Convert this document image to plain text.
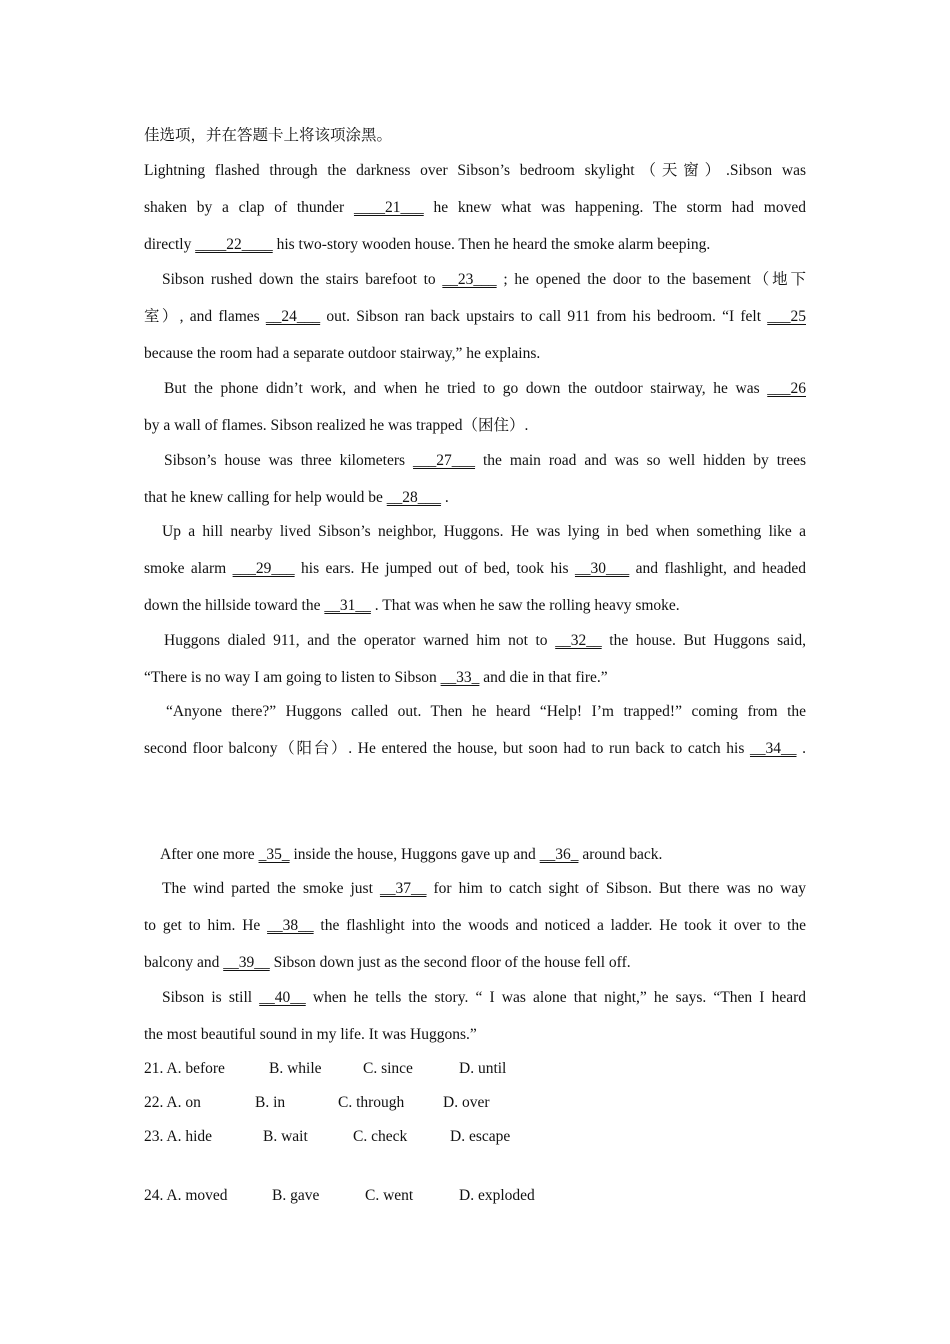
佳选项，并在答题卡上将该项涂黑。
Lightning flashed through the darkness over Sibson’s bedroom skylight（天窗）.Sibson was
shaken by a clap of thunder ____21___ he knew what was happening. The storm had moved
directly ____22____ his two-story wooden house. Then he heard the smoke alarm beeping.
Sibson rushed down the stairs barefoot to __23___ ; he opened the door to the basement（地下
室）, and flames __24___ out. Sibson ran back upstairs to call 911 from his bedroom. “I felt ___25
because the room had a separate outdoor stairway,” he explains.
But the phone didn’t work, and when he tried to go down the outdoor stairway, he was ___26
by a wall of flames. Sibson realized he was trapped（困住）.
Sibson’s house was three kilometers ___27___ the main road and was so well hidden by trees
that he knew calling for help would be __28___ .
Up a hill nearby lived Sibson’s neighbor, Huggons. He was lying in bed when something like a
smoke alarm ___29___ his ears. He jumped out of bed, took his __30___ and flashlight, and headed
down the hillside toward the __31__ . That was when he saw the rolling heavy smoke.
Huggons dialed 911, and the operator warned him not to __32__ the house. But Huggons said,
“There is no way I am going to listen to Sibson __33_ and die in that fire.”
“Anyone there?” Huggons called out. Then he heard “Help! I’m trapped!” coming from the
second floor balcony（阳台）. He entered the house, but soon had to run back to catch his __34__ .
After one more _35_ inside the house, Huggons gave up and __36_ around back.
The wind parted the smoke just __37__ for him to catch sight of Sibson. But there was no way
to get to him. He __38__ the flashlight into the woods and noticed a ladder. He took it over to the
balcony and __39__ Sibson down just as the second floor of the house fell off.
Sibson is still __40__ when he tells the story. “ I was alone that night,” he says. “Then I heard
the most beautiful sound in my life. It was Huggons.”
21. A. before	B. while	C. since	D. until
22. A. on	B. in	C. through D. over
23. A. hide	B. wait	C. check	D. escape
24. A. moved	B. gave	C. went	D. exploded
